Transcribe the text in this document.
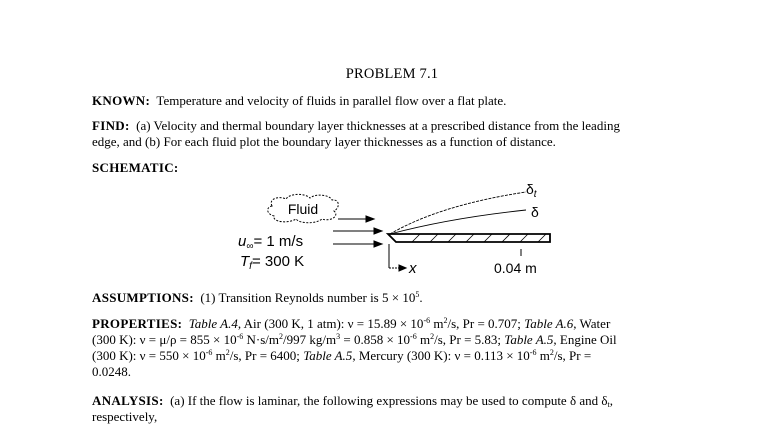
PROBLEM 7.1
KNOWN: Temperature and velocity of fluids in parallel flow over a flat plate.
FIND: (a) Velocity and thermal boundary layer thicknesses at a prescribed distance from the leading
edge, and (b) For each fluid plot the boundary layer thicknesses as a function of distance.
SCHEMATIC:
Fluid
$u_\infty= 1$ m/s
$T_f= 300$ K
$\delta_t$
δ
x	0.04 m
ASSUMPTIONS: (1) Transition Reynolds number is $5 \times 10^5$.
PROPERTIES: Table A.4, Air (300 K, 1 atm): $\nu = 15.89 \times 10^{-6}$ $m^2/s$, Pr = 0.707; Table A.6, Water
(300 K): $\nu = \mu/\rho = 855 \times 10^{-6}$ $N\cdot s/m^2/997$ $kg/m^3 = 0.858 \times 10^{-6}$ $m^2/s$, Pr = 5.83; Table A.5, Engine Oil
(300 K): $\nu = 550 \times 10^{-6}$ $m^2/s$, Pr = 6400; Table A.5, Mercury (300 K): $\nu = 0.113 \times 10^{-6}$ $m^2/s$, Pr =
0.0248.
ANALYSIS: (a) If the flow is laminar, the following expressions may be used to compute δ and $\delta_t$,
respectively,
